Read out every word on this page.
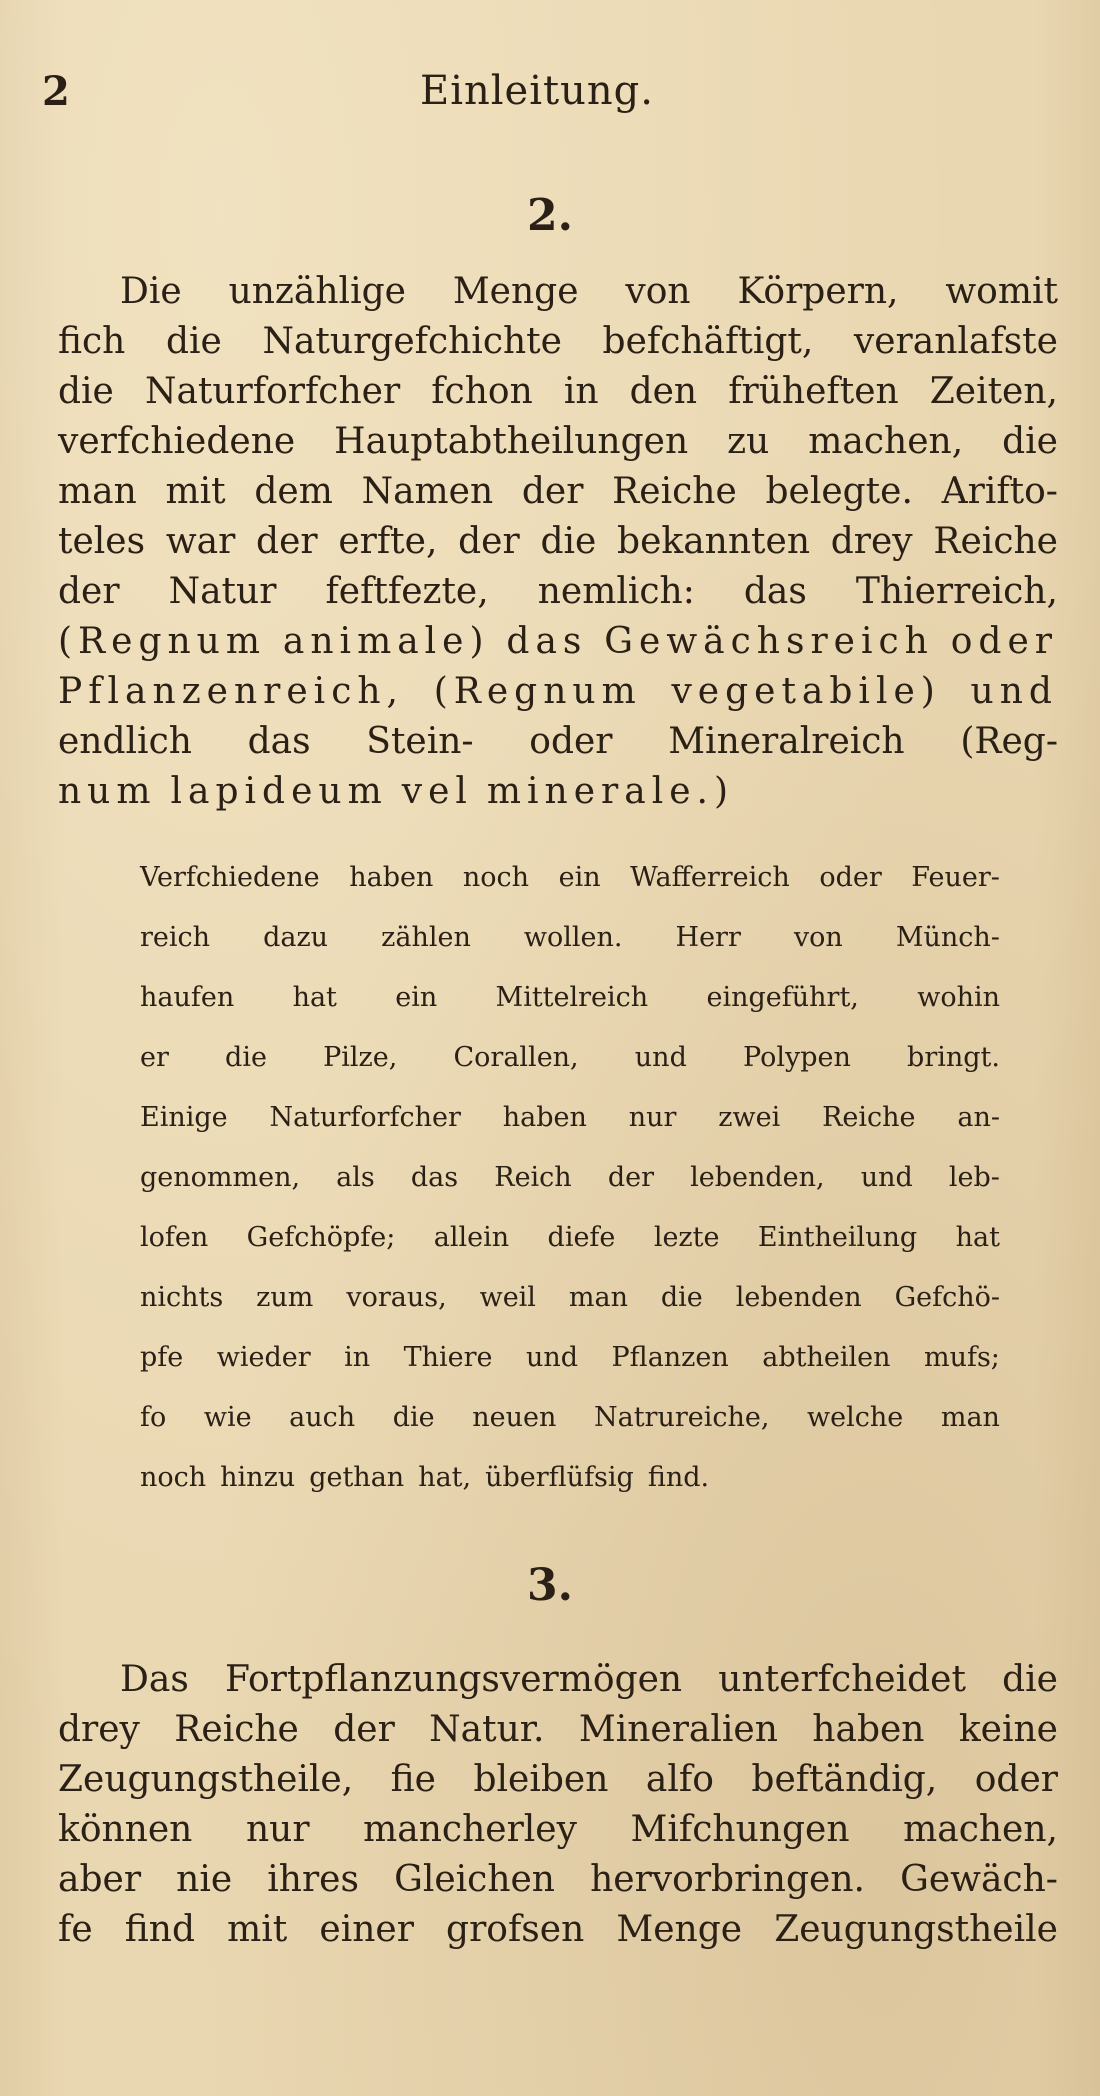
2	Einleitung.
2.
Die unzählige Menge von Körpern, womit
fich die Naturgefchichte befchäftigt, veranlafste
die Naturforfcher fchon in den früheften Zeiten,
verfchiedene Hauptabtheilungen zu machen, die
man mit dem Namen der Reiche belegte. Arifto-
teles war der erfte, der die bekannten drey Reiche
der Natur feftfezte, nemlich: das Thierreich,
(Regnum animale) das Gewächsreich oder
Pflanzenreich, (Regnum vegetabile) und
endlich das Stein- oder Mineralreich (Reg-
num lapideum vel minerale.)
Verfchiedene haben noch ein Wafferreich oder Feuer-
reich dazu zählen wollen. Herr von Münch-
haufen hat ein Mittelreich eingeführt, wohin
er die Pilze, Corallen, und Polypen bringt.
Einige Naturforfcher haben nur zwei Reiche an-
genommen, als das Reich der lebenden, und leb-
lofen Gefchöpfe; allein diefe lezte Eintheilung hat
nichts zum voraus, weil man die lebenden Gefchö-
pfe wieder in Thiere und Pflanzen abtheilen mufs;
fo wie auch die neuen Natrureiche, welche man
noch hinzu gethan hat, überflüfsig find.
3.
Das Fortpflanzungsvermögen unterfcheidet die
drey Reiche der Natur. Mineralien haben keine
Zeugungstheile, fie bleiben alfo beftändig, oder
können nur mancherley Mifchungen machen,
aber nie ihres Gleichen hervorbringen. Gewäch-
fe find mit einer grofsen Menge Zeugungstheile
